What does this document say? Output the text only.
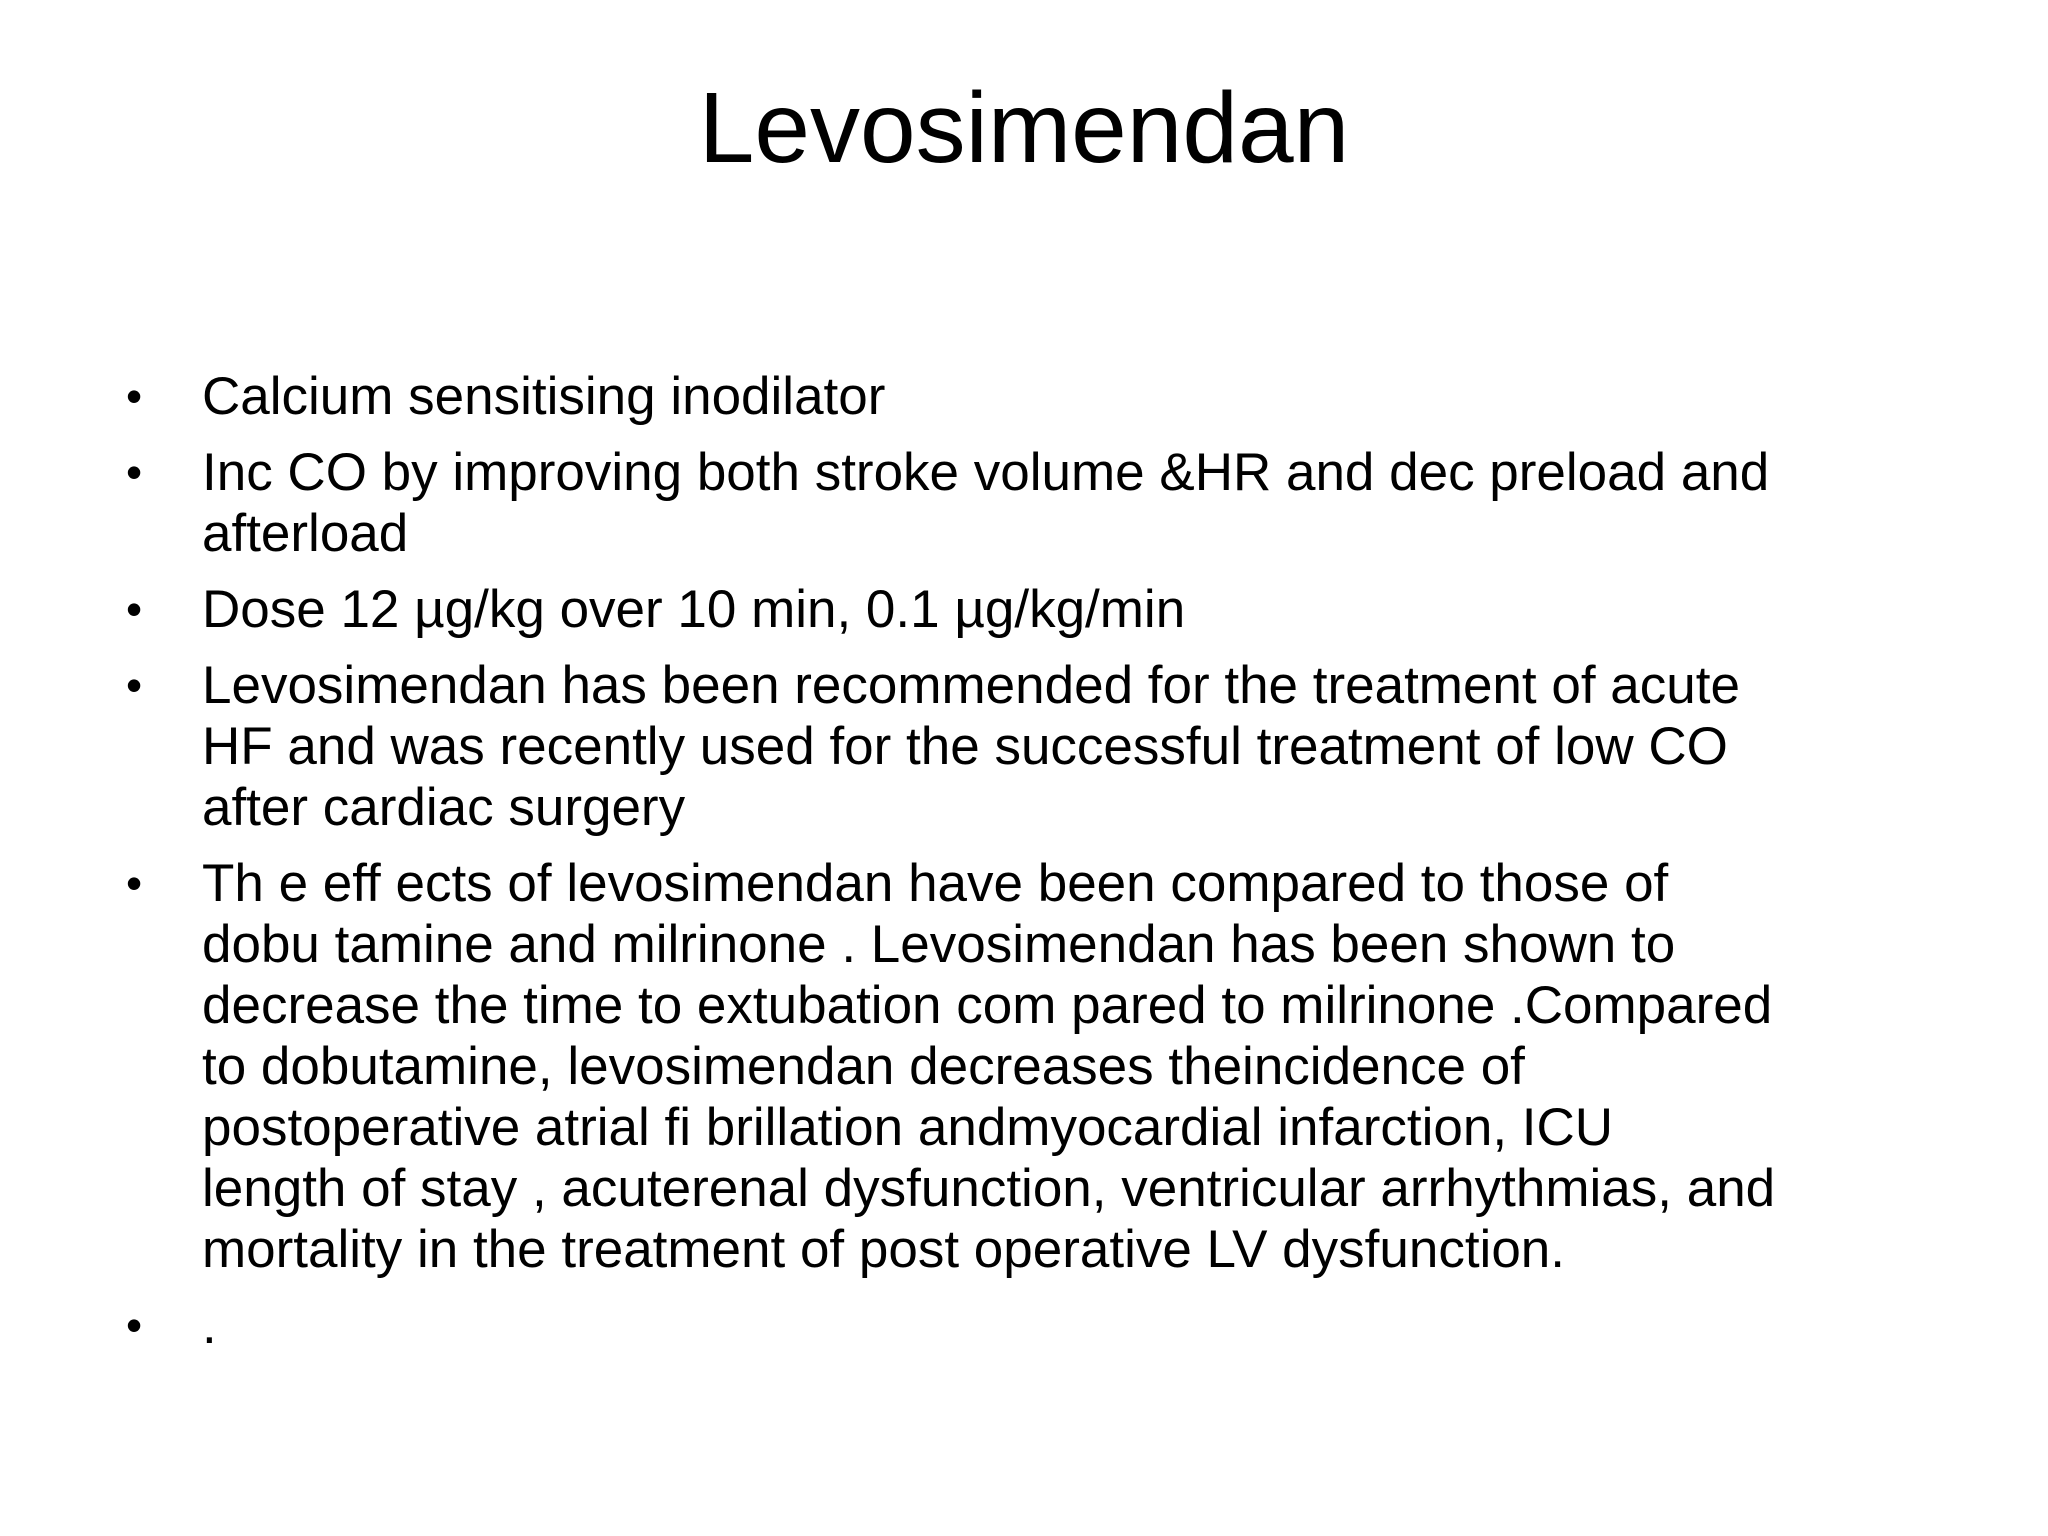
Levosimendan
•	Calcium sensitising inodilator
•	Inc CO by improving both stroke volume &HR and dec preload and
afterload
•	Dose 12 µg/kg over 10 min, 0.1 µg/kg/min
•	Levosimendan has been recommended for the treatment of acute
HF and was recently used for the successful treatment of low CO
after cardiac surgery
•	Th e eff ects of levosimendan have been compared to those of
dobu tamine and milrinone . Levosimendan has been shown to
decrease the time to extubation com pared to milrinone .Compared
to dobutamine, levosimendan decreases theincidence of
postoperative atrial fi brillation andmyocardial infarction, ICU
length of stay , acuterenal dysfunction, ventricular arrhythmias, and
mortality in the treatment of post operative LV dysfunction.
•	.
